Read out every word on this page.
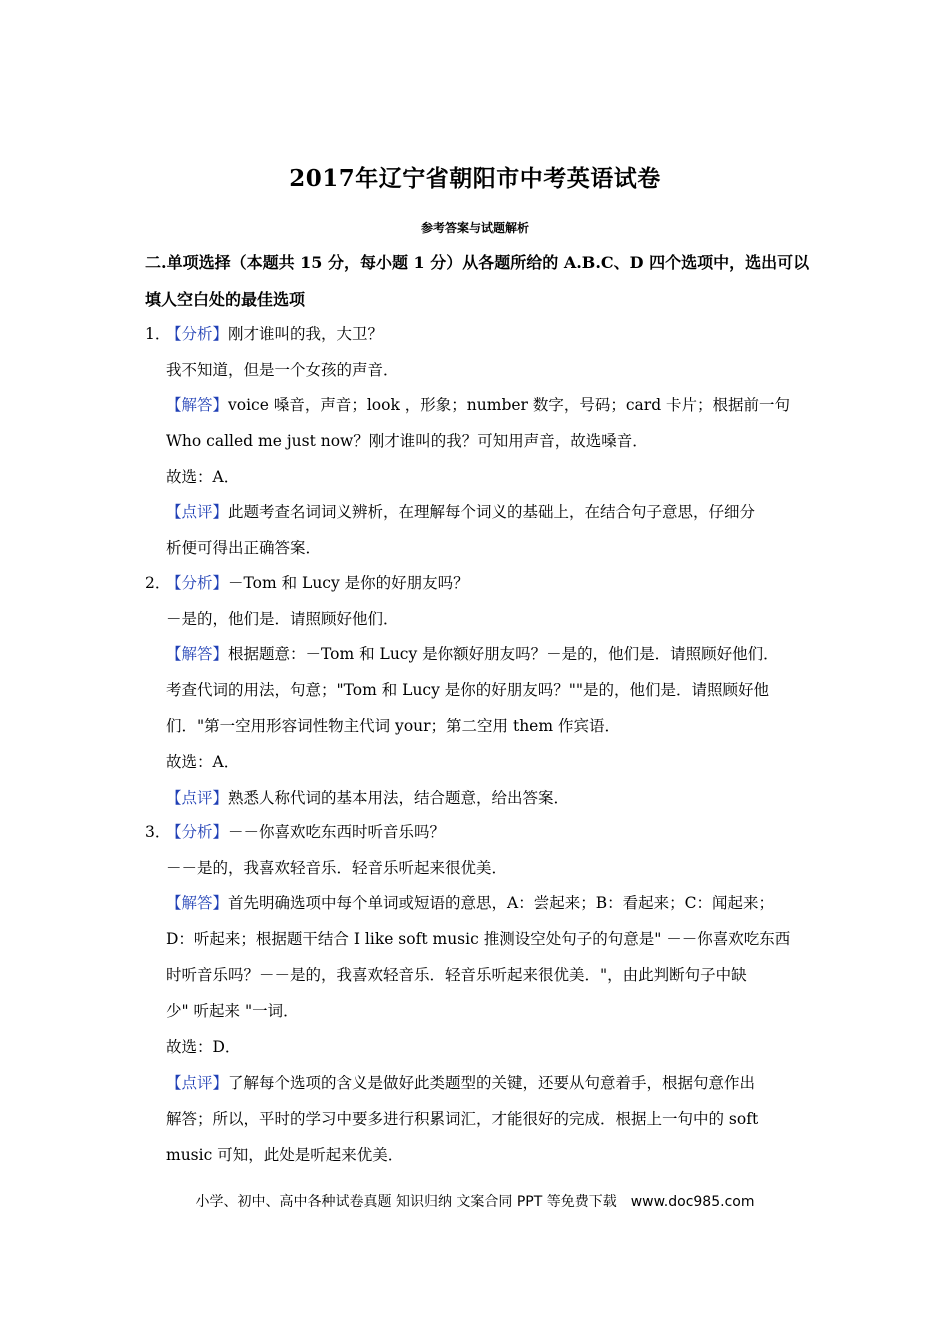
2017年辽宁省朝阳市中考英语试卷
参考答案与试题解析
二.单项选择（本题共 15 分，每小题 1 分）从各题所给的 A.B.C、D 四个选项中，选出可以
填人空白处的最佳选项
1．
【分析】刚才谁叫的我，大卫？
我不知道，但是一个女孩的声音．
【解答】voice 嗓音，声音；look ，形象；number 数字，号码；card 卡片；根据前一句
Who called me just now？刚才谁叫的我？可知用声音，故选嗓音．
故选：A．
【点评】此题考查名词词义辨析，在理解每个词义的基础上，在结合句子意思，仔细分
析便可得出正确答案．
2．
【分析】－Tom 和 Lucy 是你的好朋友吗？
－是的，他们是．请照顾好他们．
【解答】根据题意：－Tom 和 Lucy 是你额好朋友吗？－是的，他们是．请照顾好他们．
考查代词的用法，句意；"Tom 和 Lucy 是你的好朋友吗？""是的，他们是．请照顾好他
们．"第一空用形容词性物主代词 your；第二空用 them 作宾语．
故选：A．
【点评】熟悉人称代词的基本用法，结合题意，给出答案．
3．
【分析】－－你喜欢吃东西时听音乐吗？
－－是的，我喜欢轻音乐．轻音乐听起来很优美．
【解答】首先明确选项中每个单词或短语的意思，A：尝起来；B：看起来；C：闻起来；
D：听起来；根据题干结合 I like soft music 推测设空处句子的句意是" －－你喜欢吃东西
时听音乐吗？－－是的，我喜欢轻音乐．轻音乐听起来很优美．"，由此判断句子中缺
少" 听起来 "一词．
故选：D．
【点评】了解每个选项的含义是做好此类题型的关键，还要从句意着手，根据句意作出
解答；所以，平时的学习中要多进行积累词汇，才能很好的完成．根据上一句中的 soft
music 可知，此处是听起来优美．
小学、初中、高中各种试卷真题 知识归纳 文案合同 PPT 等免费下载　www.doc985.com
